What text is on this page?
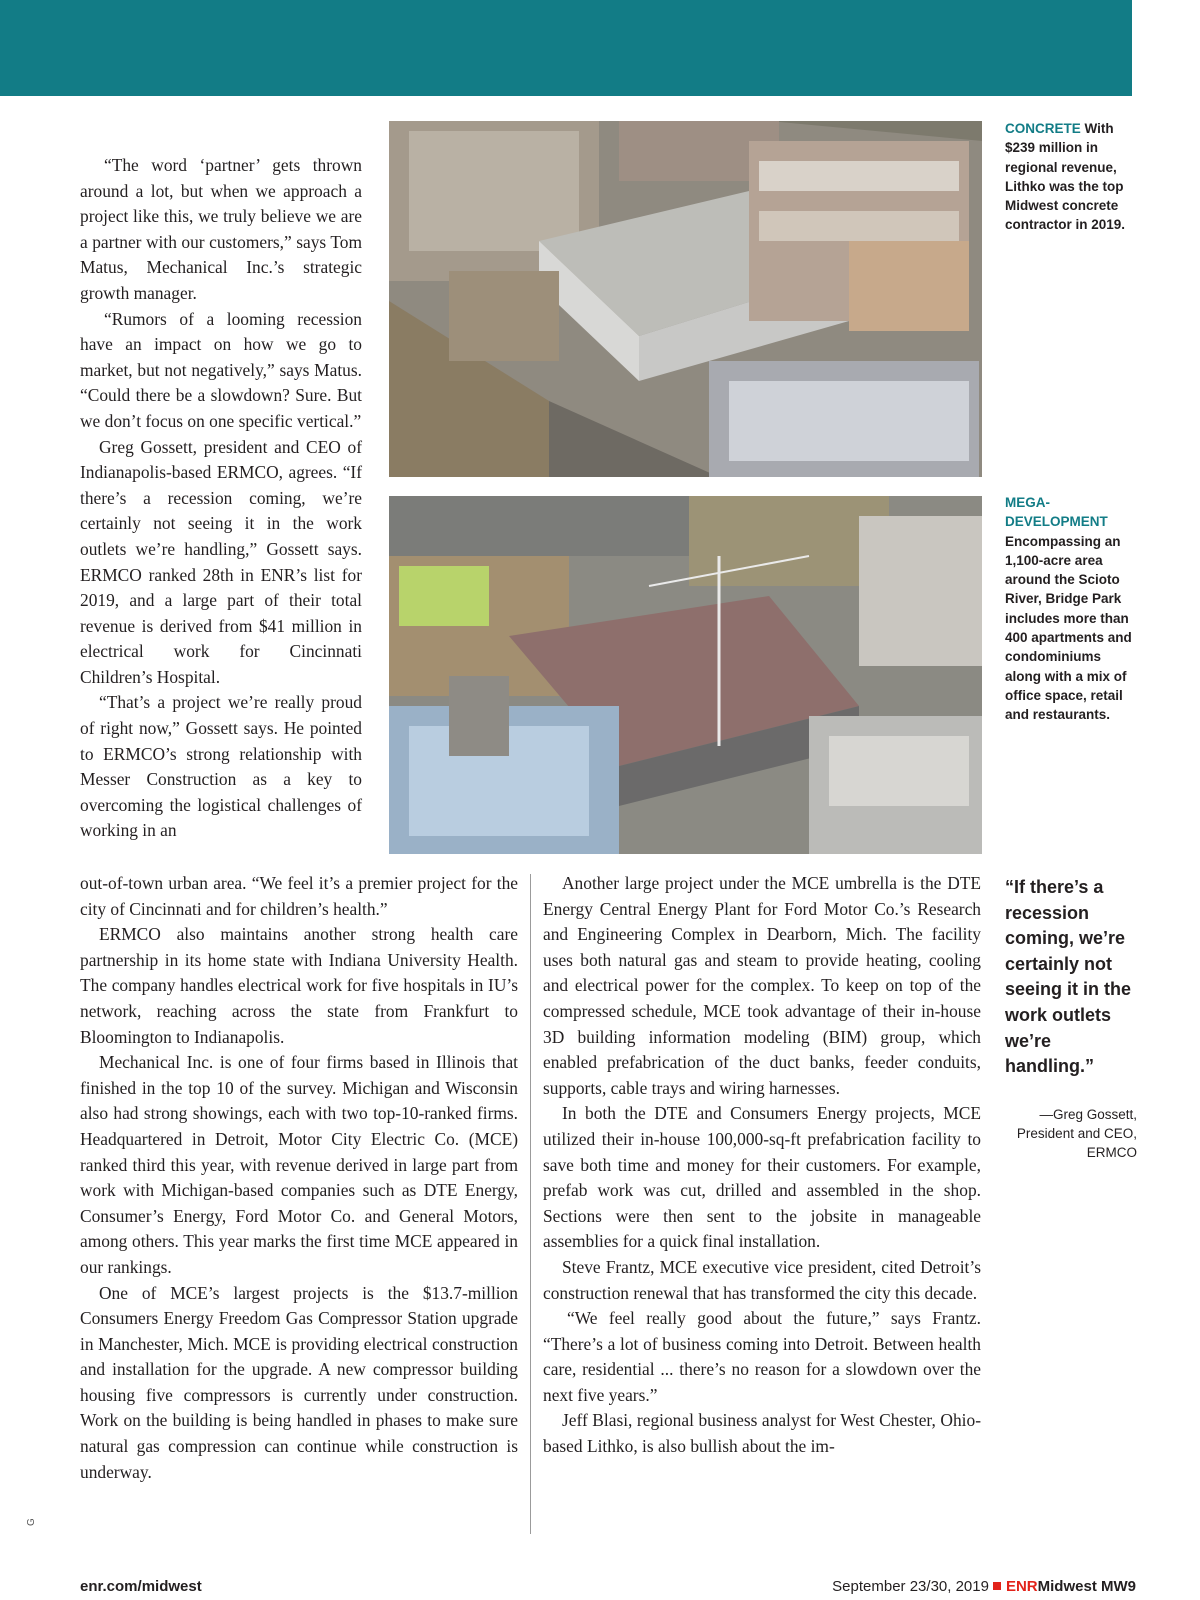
CONCRETE With $239 million in regional revenue, Lithko was the top Midwest concrete contractor in 2019.
MEGA-DEVELOPMENT Encompassing an 1,100-acre area around the Scioto River, Bridge Park includes more than 400 apartments and condominiums along with a mix of office space, retail and restaurants.

“The word ‘partner’ gets thrown around a lot, but when we approach a project like this, we truly believe we are a partner with our customers,” says Tom Matus, Mechanical Inc.’s strategic growth manager.

“Rumors of a looming recession have an impact on how we go to market, but not negatively,” says Matus. “Could there be a slowdown? Sure. But we don’t focus on one specific vertical.”

Greg Gossett, president and CEO of Indianapolis-based ERMCO, agrees. “If there’s a recession coming, we’re certainly not seeing it in the work outlets we’re handling,” Gossett says. ERMCO ranked 28th in ENR’s list for 2019, and a large part of their total revenue is derived from $41 million in electrical work for Cincinnati Children’s Hospital.

“That’s a project we’re really proud of right now,” Gossett says. He pointed to ERMCO’s strong relationship with Messer Construction as a key to overcoming the logistical challenges of working in an

out-of-town urban area. “We feel it’s a premier project for the city of Cincinnati and for children’s health.”

ERMCO also maintains another strong health care partnership in its home state with Indiana University Health. The company handles electrical work for five hospitals in IU’s network, reaching across the state from Frankfurt to Bloomington to Indianapolis.

Mechanical Inc. is one of four firms based in Illinois that finished in the top 10 of the survey. Michigan and Wisconsin also had strong showings, each with two top-10-ranked firms. Headquartered in Detroit, Motor City Electric Co. (MCE) ranked third this year, with revenue derived in large part from work with Michigan-based companies such as DTE Energy, Consumer’s Energy, Ford Motor Co. and General Motors, among others. This year marks the first time MCE appeared in our rankings.

One of MCE’s largest projects is the $13.7-million Consumers Energy Freedom Gas Compressor Station upgrade in Manchester, Mich. MCE is providing electrical construction and installation for the upgrade. A new compressor building housing five compressors is currently under construction. Work on the building is being handled in phases to make sure natural gas compression can continue while construction is underway.

Another large project under the MCE umbrella is the DTE Energy Central Energy Plant for Ford Motor Co.’s Research and Engineering Complex in Dearborn, Mich. The facility uses both natural gas and steam to provide heating, cooling and electrical power for the complex. To keep on top of the compressed schedule, MCE took advantage of their in-house 3D building information modeling (BIM) group, which enabled prefabrication of the duct banks, feeder conduits, supports, cable trays and wiring harnesses.

In both the DTE and Consumers Energy projects, MCE utilized their in-house 100,000-sq-ft prefabrication facility to save both time and money for their customers. For example, prefab work was cut, drilled and assembled in the shop. Sections were then sent to the jobsite in manageable assemblies for a quick final installation.

Steve Frantz, MCE executive vice president, cited Detroit’s construction renewal that has transformed the city this decade.

“We feel really good about the future,” says Frantz. “There’s a lot of business coming into Detroit. Between health care, residential ... there’s no reason for a slowdown over the next five years.”

Jeff Blasi, regional business analyst for West Chester, Ohio-based Lithko, is also bullish about the im-

“If there’s a recession coming, we’re certainly not seeing it in the work outlets we’re handling.”
—Greg Gossett,
President and CEO, ERMCO
G
enr.com/midwest	September 23/30, 2019 ENRMidwest MW9
